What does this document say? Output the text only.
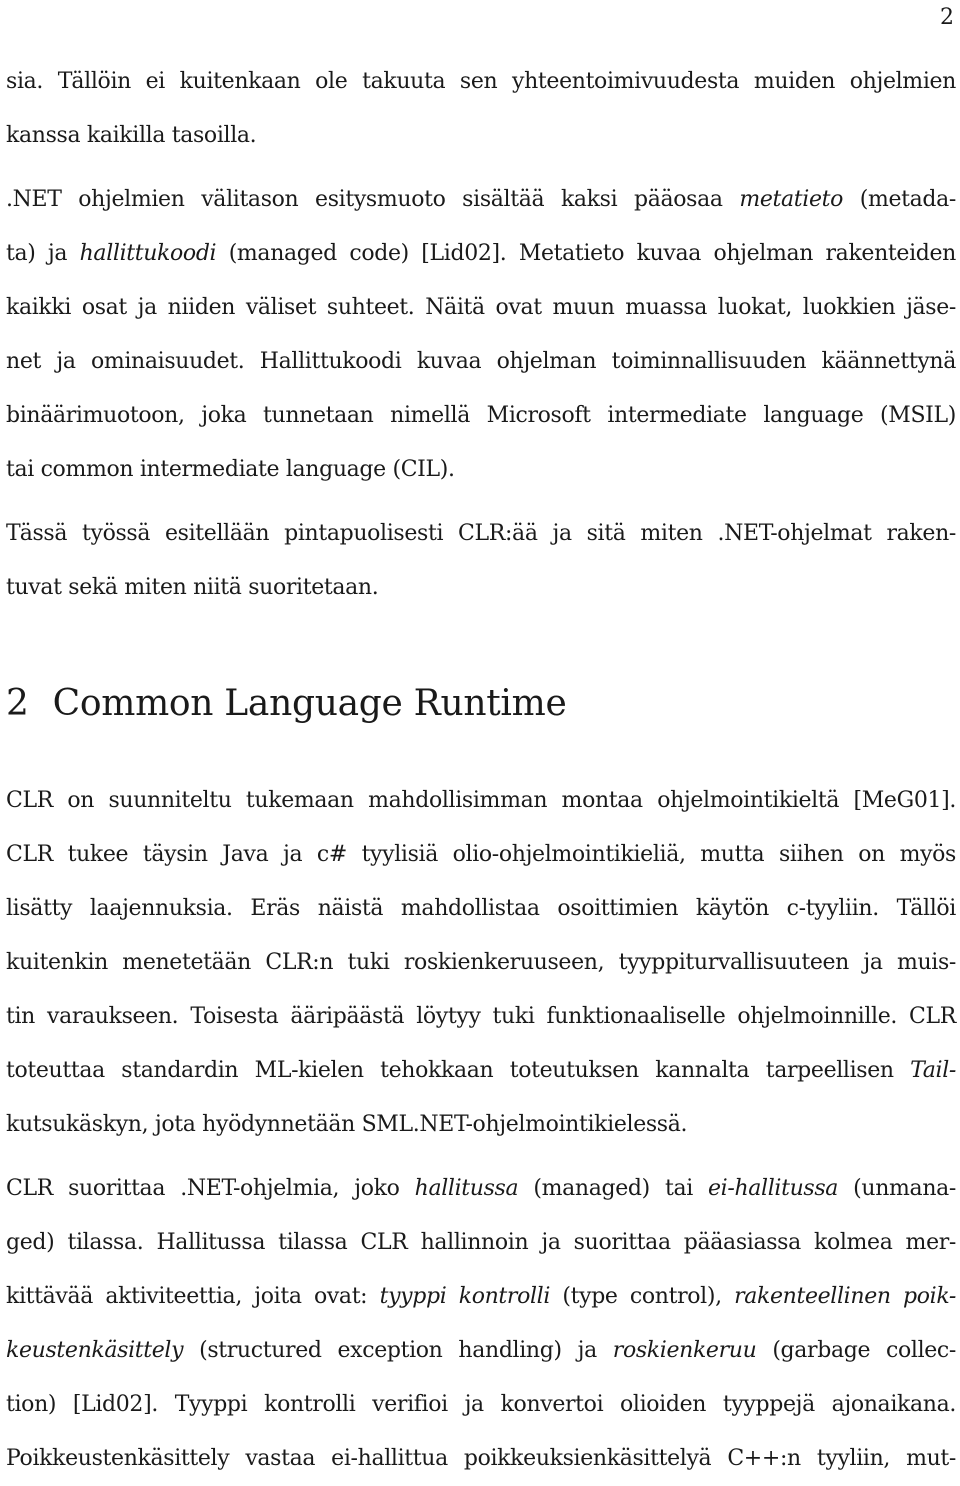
2
sia. Tällöin ei kuitenkaan ole takuuta sen yhteentoimivuudesta muiden ohjelmien
kanssa kaikilla tasoilla.
.NET ohjelmien välitason esitysmuoto sisältää kaksi pääosaa metatieto (metada-
ta) ja hallittukoodi (managed code) [Lid02]. Metatieto kuvaa ohjelman rakenteiden
kaikki osat ja niiden väliset suhteet. Näitä ovat muun muassa luokat, luokkien jäse-
net ja ominaisuudet. Hallittukoodi kuvaa ohjelman toiminnallisuuden käännettynä
binäärimuotoon, joka tunnetaan nimellä Microsoft intermediate language (MSIL)
tai common intermediate language (CIL).
Tässä työssä esitellään pintapuolisesti CLR:ää ja sitä miten .NET-ohjelmat raken-
tuvat sekä miten niitä suoritetaan.
2 Common Language Runtime
CLR on suunniteltu tukemaan mahdollisimman montaa ohjelmointikieltä [MeG01].
CLR tukee täysin Java ja c# tyylisiä olio-ohjelmointikieliä, mutta siihen on myös
lisätty laajennuksia. Eräs näistä mahdollistaa osoittimien käytön c-tyyliin. Tällöi
kuitenkin menetetään CLR:n tuki roskienkeruuseen, tyyppiturvallisuuteen ja muis-
tin varaukseen. Toisesta ääripäästä löytyy tuki funktionaaliselle ohjelmoinnille. CLR
toteuttaa standardin ML-kielen tehokkaan toteutuksen kannalta tarpeellisen Tail-
kutsukäskyn, jota hyödynnetään SML.NET-ohjelmointikielessä.
CLR suorittaa .NET-ohjelmia, joko hallitussa (managed) tai ei-hallitussa (unmana-
ged) tilassa. Hallitussa tilassa CLR hallinnoin ja suorittaa pääasiassa kolmea mer-
kittävää aktiviteettia, joita ovat: tyyppi kontrolli (type control), rakenteellinen poik-
keustenkäsittely (structured exception handling) ja roskienkeruu (garbage collec-
tion) [Lid02]. Tyyppi kontrolli verifioi ja konvertoi olioiden tyyppejä ajonaikana.
Poikkeustenkäsittely vastaa ei-hallittua poikkeuksienkäsittelyä C++:n tyyliin, mut-
